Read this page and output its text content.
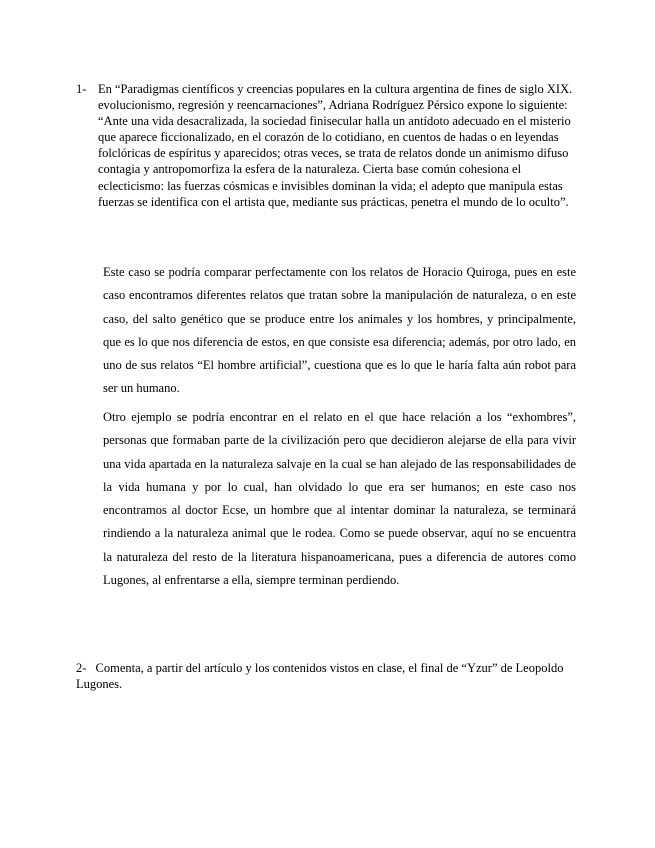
1- En “Paradigmas científicos y creencias populares en la cultura argentina de fines de siglo XIX. evolucionismo, regresión y reencarnaciones”, Adriana Rodríguez Pérsico expone lo siguiente: “Ante una vida desacralizada, la sociedad finisecular halla un antídoto adecuado en el misterio que aparece ficcionalizado, en el corazón de lo cotidiano, en cuentos de hadas o en leyendas folclóricas de espíritus y aparecidos; otras veces, se trata de relatos donde un animismo difuso contagia y antropomorfiza la esfera de la naturaleza. Cierta base común cohesiona el eclecticismo: las fuerzas cósmicas e invisibles dominan la vida; el adepto que manipula estas fuerzas se identifica con el artista que, mediante sus prácticas, penetra el mundo de lo oculto”.

Este caso se podría comparar perfectamente con los relatos de Horacio Quiroga, pues en este caso encontramos diferentes relatos que tratan sobre la manipulación de naturaleza, o en este caso, del salto genético que se produce entre los animales y los hombres, y principalmente, que es lo que nos diferencia de estos, en que consiste esa diferencia; además, por otro lado, en uno de sus relatos “El hombre artificial”, cuestiona que es lo que le haría falta aún robot para ser un humano.

Otro ejemplo se podría encontrar en el relato en el que hace relación a los “exhombres”, personas que formaban parte de la civilización pero que decidieron alejarse de ella para vivir una vida apartada en la naturaleza salvaje en la cual se han alejado de las responsabilidades de la vida humana y por lo cual, han olvidado lo que era ser humanos; en este caso nos encontramos al doctor Ecse, un hombre que al intentar dominar la naturaleza, se terminará rindiendo a la naturaleza animal que le rodea. Como se puede observar, aquí no se encuentra la naturaleza del resto de la literatura hispanoamericana, pues a diferencia de autores como Lugones, al enfrentarse a ella, siempre terminan perdiendo.

2- Comenta, a partir del artículo y los contenidos vistos en clase, el final de “Yzur” de Leopoldo Lugones.
